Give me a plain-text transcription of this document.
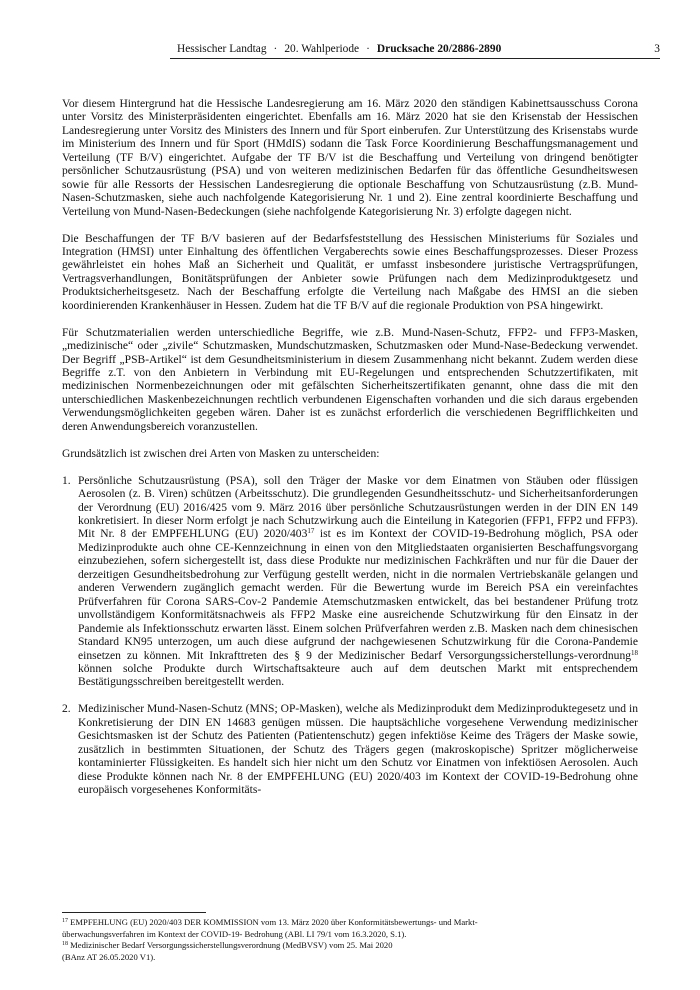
Hessischer Landtag · 20. Wahlperiode · Drucksache 20/2886-2890	3

Vor diesem Hintergrund hat die Hessische Landesregierung am 16. März 2020 den ständigen Kabinettsausschuss Corona unter Vorsitz des Ministerpräsidenten eingerichtet. Ebenfalls am 16. März 2020 hat sie den Krisenstab der Hessischen Landesregierung unter Vorsitz des Ministers des Innern und für Sport einberufen. Zur Unterstützung des Krisenstabs wurde im Ministerium des Innern und für Sport (HMdIS) sodann die Task Force Koordinierung Beschaffungsmanagement und Verteilung (TF B/V) eingerichtet. Aufgabe der TF B/V ist die Beschaffung und Verteilung von dringend benötigter persönlicher Schutzausrüstung (PSA) und von weiteren medizinischen Bedarfen für das öffentliche Gesundheitswesen sowie für alle Ressorts der Hessischen Landesregierung die optionale Beschaffung von Schutzausrüstung (z.B. Mund-Nasen-Schutzmasken, siehe auch nachfolgende Kategorisierung Nr. 1 und 2). Eine zentral koordinierte Beschaffung und Verteilung von Mund-Nasen-Bedeckungen (siehe nachfolgende Kategorisierung Nr. 3) erfolgte dagegen nicht.

Die Beschaffungen der TF B/V basieren auf der Bedarfsfeststellung des Hessischen Ministeriums für Soziales und Integration (HMSI) unter Einhaltung des öffentlichen Vergaberechts sowie eines Beschaffungsprozesses. Dieser Prozess gewährleistet ein hohes Maß an Sicherheit und Qualität, er umfasst insbesondere juristische Vertragsprüfungen, Vertragsverhandlungen, Bonitätsprüfungen der Anbieter sowie Prüfungen nach dem Medizinproduktgesetz und Produktsicherheitsgesetz. Nach der Beschaffung erfolgte die Verteilung nach Maßgabe des HMSI an die sieben koordinierenden Krankenhäuser in Hessen. Zudem hat die TF B/V auf die regionale Produktion von PSA hingewirkt.

Für Schutzmaterialien werden unterschiedliche Begriffe, wie z.B. Mund-Nasen-Schutz, FFP2- und FFP3-Masken, „medizinische“ oder „zivile“ Schutzmasken, Mundschutzmasken, Schutzmasken oder Mund-Nase-Bedeckung verwendet. Der Begriff „PSB-Artikel“ ist dem Gesundheitsministerium in diesem Zusammenhang nicht bekannt. Zudem werden diese Begriffe z.T. von den Anbietern in Verbindung mit EU-Regelungen und entsprechenden Schutzzertifikaten, mit medizinischen Normenbezeichnungen oder mit gefälschten Sicherheitszertifikaten genannt, ohne dass die mit den unterschiedlichen Maskenbezeichnungen rechtlich verbundenen Eigenschaften vorhanden und die sich daraus ergebenden Verwendungsmöglichkeiten gegeben wären. Daher ist es zunächst erforderlich die verschiedenen Begrifflichkeiten und deren Anwendungsbereich voranzustellen.

Grundsätzlich ist zwischen drei Arten von Masken zu unterscheiden:

1. Persönliche Schutzausrüstung (PSA), soll den Träger der Maske vor dem Einatmen von Stäuben oder flüssigen Aerosolen (z. B. Viren) schützen (Arbeitsschutz). Die grundlegenden Gesundheitsschutz- und Sicherheitsanforderungen der Verordnung (EU) 2016/425 vom 9. März 2016 über persönliche Schutzausrüstungen werden in der DIN EN 149 konkretisiert. In dieser Norm erfolgt je nach Schutzwirkung auch die Einteilung in Kategorien (FFP1, FFP2 und FFP3). Mit Nr. 8 der EMPFEHLUNG (EU) $2020/403^{17}$ ist es im Kontext der COVID-19-Bedrohung möglich, PSA oder Medizinprodukte auch ohne CE-Kennzeichnung in einen von den Mitgliedstaaten organisierten Beschaffungsvorgang einzubeziehen, sofern sichergestellt ist, dass diese Produkte nur medizinischen Fachkräften und nur für die Dauer der derzeitigen Gesundheitsbedrohung zur Verfügung gestellt werden, nicht in die normalen Vertriebskanäle gelangen und anderen Verwendern zugänglich gemacht werden. Für die Bewertung wurde im Bereich PSA ein vereinfachtes Prüfverfahren für Corona SARS-Cov-2 Pandemie Atemschutzmasken entwickelt, das bei bestandener Prüfung trotz unvollständigem Konformitätsnachweis als FFP2 Maske eine ausreichende Schutzwirkung für den Einsatz in der Pandemie als Infektionsschutz erwarten lässt. Einem solchen Prüfverfahren werden z.B. Masken nach dem chinesischen Standard KN95 unterzogen, um auch diese aufgrund der nachgewiesenen Schutzwirkung für die Corona-Pandemie einsetzen zu können. Mit Inkrafttreten des § 9 der Medizinischer Bedarf Versorgungssicherstellungs-verordnung$^{18}$ können solche Produkte durch Wirtschaftsakteure auch auf dem deutschen Markt mit entsprechendem Bestätigungsschreiben bereitgestellt werden.
2. Medizinischer Mund-Nasen-Schutz (MNS; OP-Masken), welche als Medizinprodukt dem Medizinproduktegesetz und in Konkretisierung der DIN EN 14683 genügen müssen. Die hauptsächliche vorgesehene Verwendung medizinischer Gesichtsmasken ist der Schutz des Patienten (Patientenschutz) gegen infektiöse Keime des Trägers der Maske sowie, zusätzlich in bestimmten Situationen, der Schutz des Trägers gegen (makroskopische) Spritzer möglicherweise kontaminierter Flüssigkeiten. Es handelt sich hier nicht um den Schutz vor Einatmen von infektiösen Aerosolen. Auch diese Produkte können nach Nr. 8 der EMPFEHLUNG (EU) 2020/403 im Kontext der COVID-19-Bedrohung ohne europäisch vorgesehenes Konformitäts-
$^{17}$ EMPFEHLUNG (EU) 2020/403 DER KOMMISSION vom 13. März 2020 über Konformitätsbewertungs- und Markt-
überwachungsverfahren im Kontext der COVID-19- Bedrohung (ABl. LI 79/1 vom 16.3.2020, S.1).
$^{18}$ Medizinischer Bedarf Versorgungssicherstellungsverordnung (MedBVSV) vom 25. Mai 2020
(BAnz AT 26.05.2020 V1).
